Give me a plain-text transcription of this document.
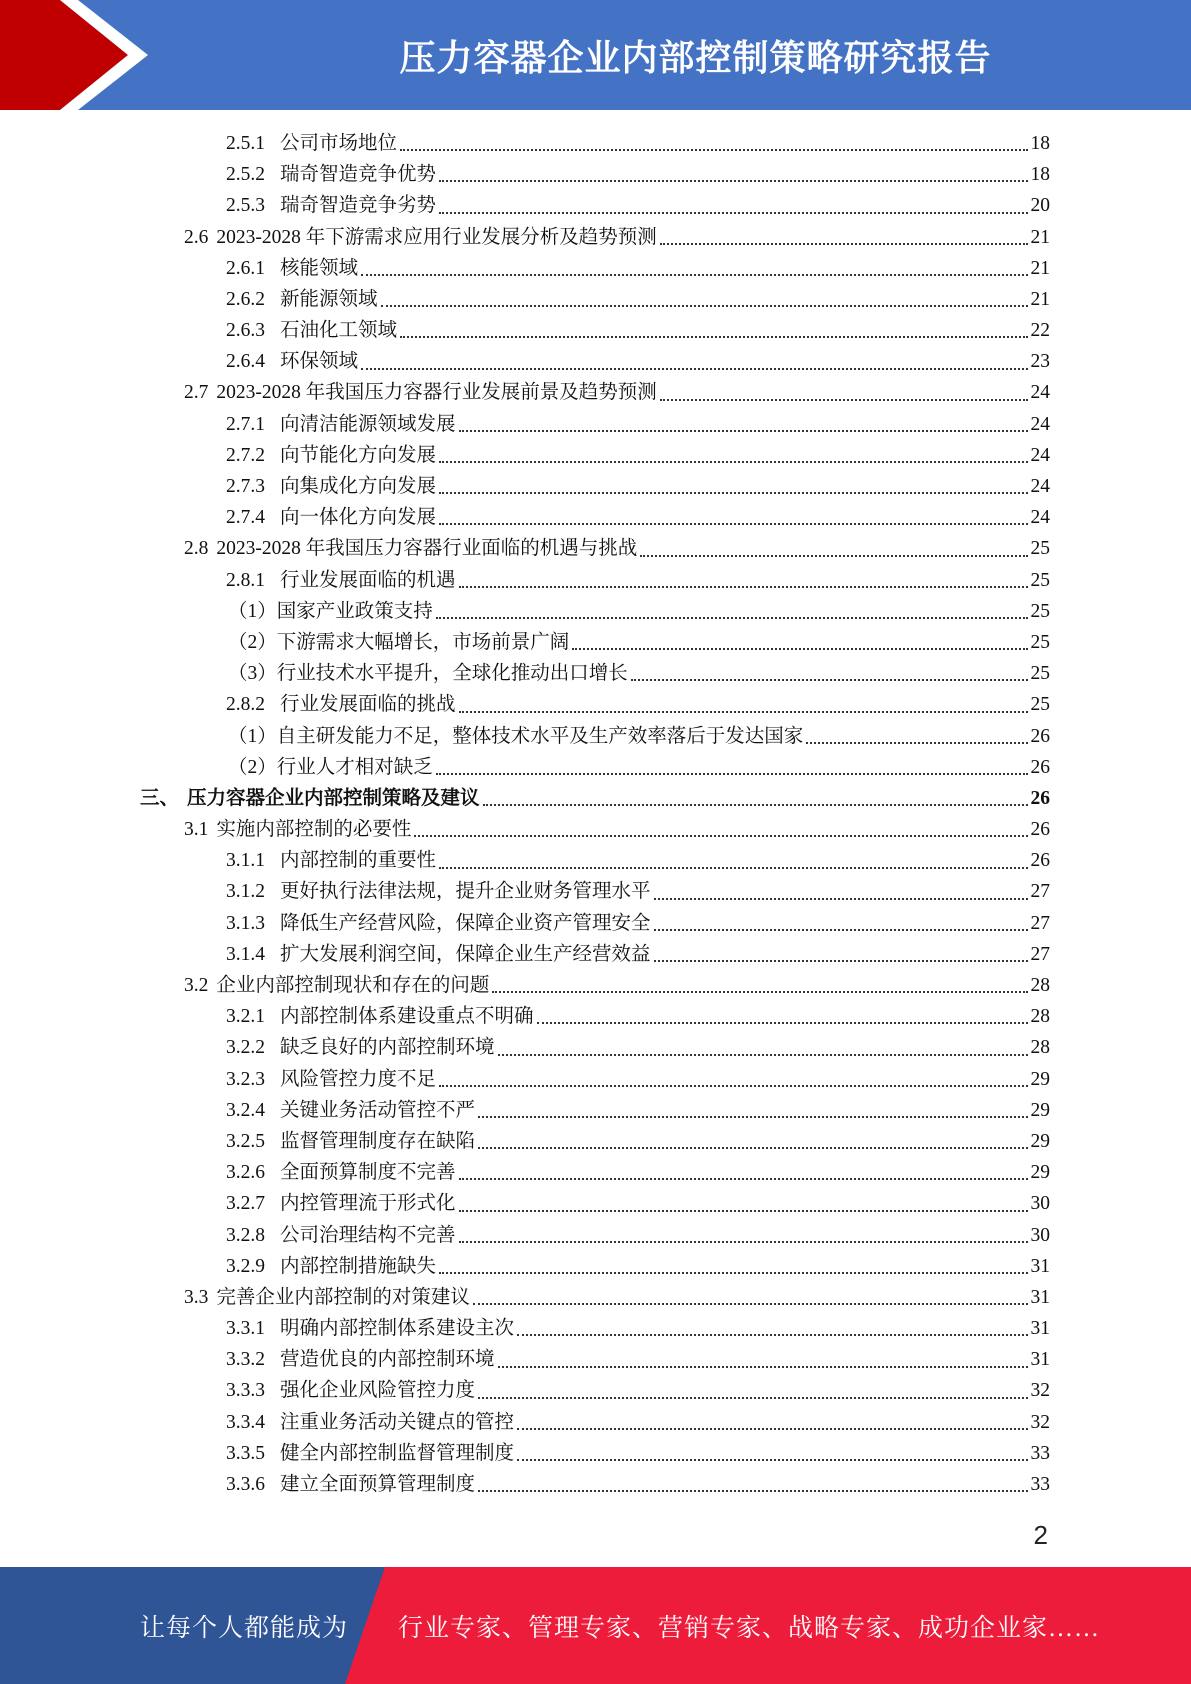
压力容器企业内部控制策略研究报告
2.5.1 公司市场地位	18
2.5.2 瑞奇智造竞争优势	18
2.5.3 瑞奇智造竞争劣势	20
2.6 2023-2028 年下游需求应用行业发展分析及趋势预测	21
2.6.1 核能领域	21
2.6.2 新能源领域	21
2.6.3 石油化工领域	22
2.6.4 环保领域	23
2.7 2023-2028 年我国压力容器行业发展前景及趋势预测	24
2.7.1 向清洁能源领域发展	24
2.7.2 向节能化方向发展	24
2.7.3 向集成化方向发展	24
2.7.4 向一体化方向发展	24
2.8 2023-2028 年我国压力容器行业面临的机遇与挑战	25
2.8.1 行业发展面临的机遇	25
（1） 国家产业政策支持	25
（2） 下游需求大幅增长，市场前景广阔	25
（3） 行业技术水平提升，全球化推动出口增长	25
2.8.2 行业发展面临的挑战	25
（1） 自主研发能力不足，整体技术水平及生产效率落后于发达国家	26
（2） 行业人才相对缺乏	26
三、 压力容器企业内部控制策略及建议	26
3.1 实施内部控制的必要性	26
3.1.1 内部控制的重要性	26
3.1.2 更好执行法律法规，提升企业财务管理水平	27
3.1.3 降低生产经营风险，保障企业资产管理安全	27
3.1.4 扩大发展利润空间，保障企业生产经营效益	27
3.2 企业内部控制现状和存在的问题	28
3.2.1 内部控制体系建设重点不明确	28
3.2.2 缺乏良好的内部控制环境	28
3.2.3 风险管控力度不足	29
3.2.4 关键业务活动管控不严	29
3.2.5 监督管理制度存在缺陷	29
3.2.6 全面预算制度不完善	29
3.2.7 内控管理流于形式化	30
3.2.8 公司治理结构不完善	30
3.2.9 内部控制措施缺失	31
3.3 完善企业内部控制的对策建议	31
3.3.1 明确内部控制体系建设主次	31
3.3.2 营造优良的内部控制环境	31
3.3.3 强化企业风险管控力度	32
3.3.4 注重业务活动关键点的管控	32
3.3.5 健全内部控制监督管理制度	33
3.3.6 建立全面预算管理制度	33
2
让每个人都能成为 行业专家、管理专家、营销专家、战略专家、成功企业家……
